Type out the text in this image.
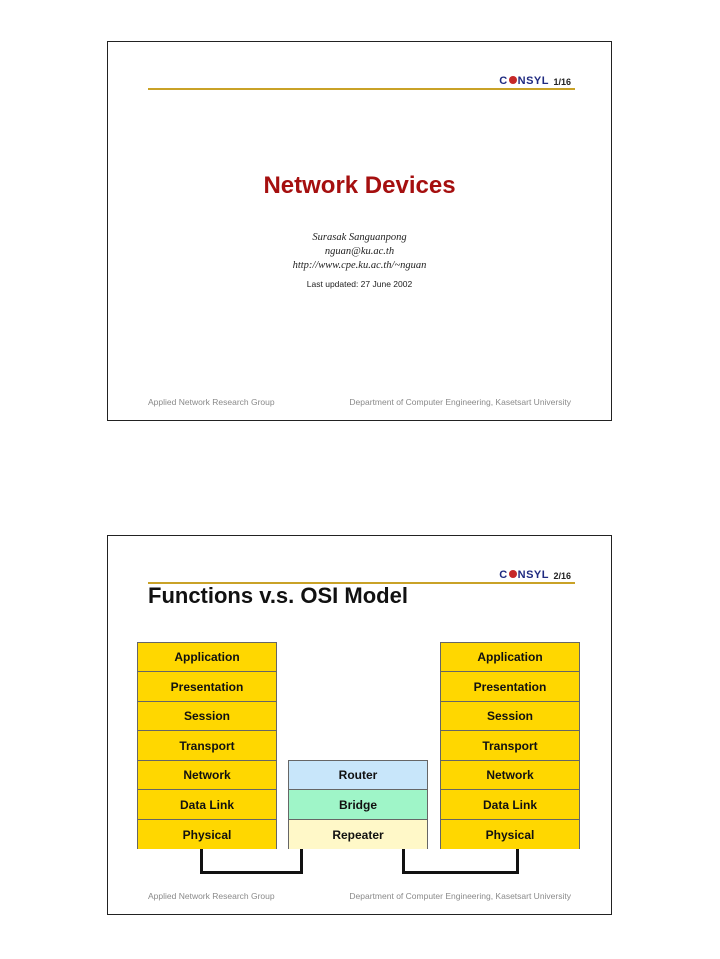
C NSYL 1/16
Network Devices
Surasak Sanguanpong
nguan@ku.ac.th
http://www.cpe.ku.ac.th/~nguan
Last updated: 27 June 2002
Applied Network Research Group	Department of Computer Engineering, Kasetsart University
C NSYL 2/16
Functions v.s. OSI Model
Application
Presentation
Session
Transport
Network
Data Link
Physical
Router
Bridge
Repeater
Application
Presentation
Session
Transport
Network
Data Link
Physical
Applied Network Research Group	Department of Computer Engineering, Kasetsart University
